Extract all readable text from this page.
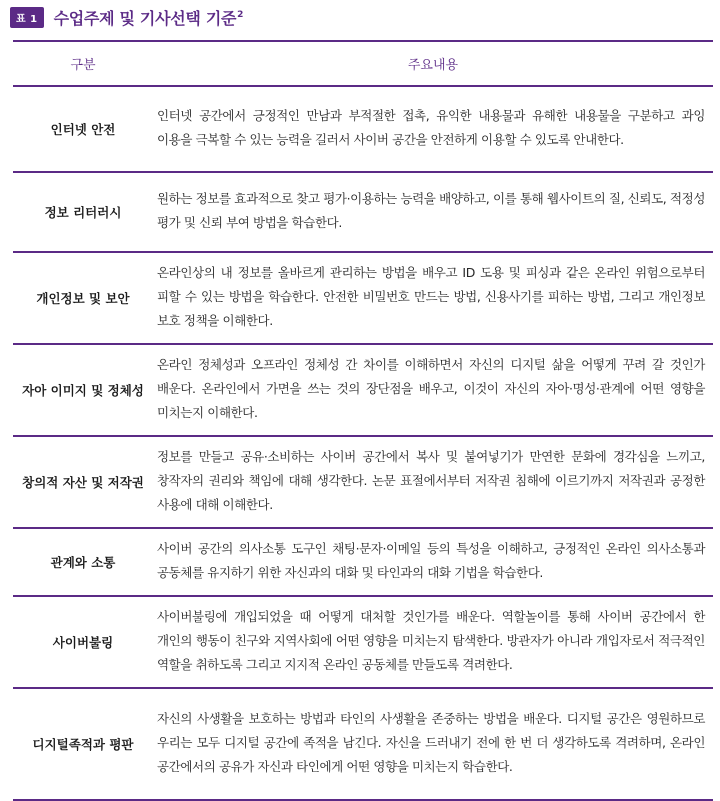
표 1	수업주제 및 기사선택 기준$^2$
구분	주요내용
인터넷 안전	인터넷 공간에서 긍정적인 만남과 부적절한 접촉, 유익한 내용물과 유해한 내용물을 구분하고 과잉 이용을 극복할 수 있는 능력을 길러서 사이버 공간을 안전하게 이용할 수 있도록 안내한다.
정보 리터러시	원하는 정보를 효과적으로 찾고 평가·이용하는 능력을 배양하고, 이를 통해 웹사이트의 질, 신뢰도, 적정성 평가 및 신뢰 부여 방법을 학습한다.
개인정보 및 보안	온라인상의 내 정보를 올바르게 관리하는 방법을 배우고 ID 도용 및 피싱과 같은 온라인 위험으로부터 피할 수 있는 방법을 학습한다. 안전한 비밀번호 만드는 방법, 신용사기를 피하는 방법, 그리고 개인정보 보호 정책을 이해한다.
자아 이미지 및 정체성	온라인 정체성과 오프라인 정체성 간 차이를 이해하면서 자신의 디지털 삶을 어떻게 꾸려 갈 것인가 배운다. 온라인에서 가면을 쓰는 것의 장단점을 배우고, 이것이 자신의 자아·명성·관계에 어떤 영향을 미치는지 이해한다.
창의적 자산 및 저작권	정보를 만들고 공유·소비하는 사이버 공간에서 복사 및 붙여넣기가 만연한 문화에 경각심을 느끼고, 창작자의 권리와 책임에 대해 생각한다. 논문 표절에서부터 저작권 침해에 이르기까지 저작권과 공정한 사용에 대해 이해한다.
관계와 소통	사이버 공간의 의사소통 도구인 채팅·문자·이메일 등의 특성을 이해하고, 긍정적인 온라인 의사소통과 공동체를 유지하기 위한 자신과의 대화 및 타인과의 대화 기법을 학습한다.
사이버불링	사이버불링에 개입되었을 때 어떻게 대처할 것인가를 배운다. 역할놀이를 통해 사이버 공간에서 한 개인의 행동이 친구와 지역사회에 어떤 영향을 미치는지 탐색한다. 방관자가 아니라 개입자로서 적극적인 역할을 취하도록 그리고 지지적 온라인 공동체를 만들도록 격려한다.
디지털족적과 평판	자신의 사생활을 보호하는 방법과 타인의 사생활을 존중하는 방법을 배운다. 디지털 공간은 영원하므로 우리는 모두 디지털 공간에 족적을 남긴다. 자신을 드러내기 전에 한 번 더 생각하도록 격려하며, 온라인 공간에서의 공유가 자신과 타인에게 어떤 영향을 미치는지 학습한다.
